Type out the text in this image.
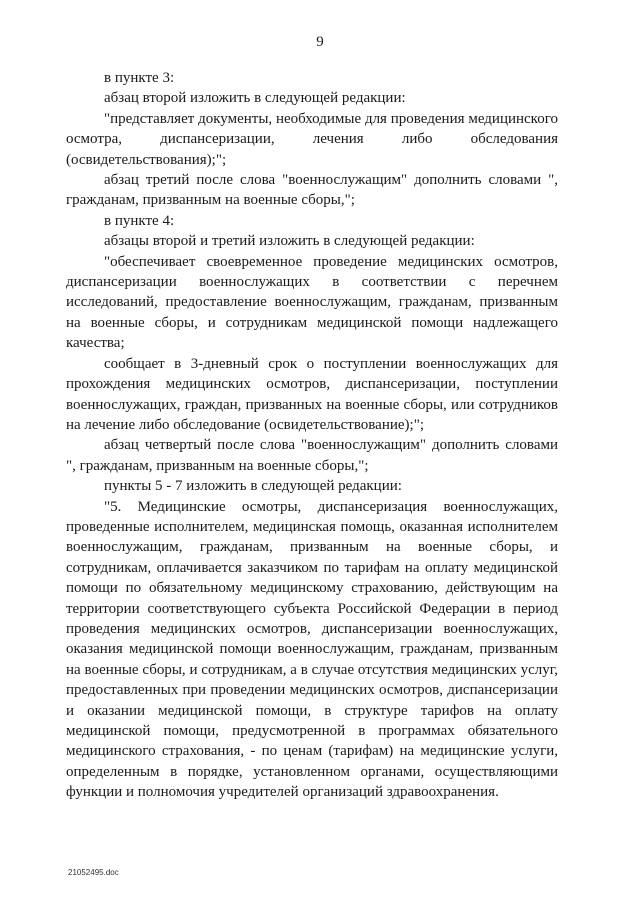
9

в пункте 3:

абзац второй изложить в следующей редакции:

"представляет документы, необходимые для проведения медицинского осмотра, диспансеризации, лечения либо обследования (освидетельствования);";

абзац третий после слова "военнослужащим" дополнить словами ", гражданам, призванным на военные сборы,";

в пункте 4:

абзацы второй и третий изложить в следующей редакции:

"обеспечивает своевременное проведение медицинских осмотров, диспансеризации военнослужащих в соответствии с перечнем исследований, предоставление военнослужащим, гражданам, призванным на военные сборы, и сотрудникам медицинской помощи надлежащего качества;

сообщает в 3-дневный срок о поступлении военнослужащих для прохождения медицинских осмотров, диспансеризации, поступлении военнослужащих, граждан, призванных на военные сборы, или сотрудников на лечение либо обследование (освидетельствование);";

абзац четвертый после слова "военнослужащим" дополнить словами ", гражданам, призванным на военные сборы,";

пункты 5 - 7 изложить в следующей редакции:

"5. Медицинские осмотры, диспансеризация военнослужащих, проведенные исполнителем, медицинская помощь, оказанная исполнителем военнослужащим, гражданам, призванным на военные сборы, и сотрудникам, оплачивается заказчиком по тарифам на оплату медицинской помощи по обязательному медицинскому страхованию, действующим на территории соответствующего субъекта Российской Федерации в период проведения медицинских осмотров, диспансеризации военнослужащих, оказания медицинской помощи военнослужащим, гражданам, призванным на военные сборы, и сотрудникам, а в случае отсутствия медицинских услуг, предоставленных при проведении медицинских осмотров, диспансеризации и оказании медицинской помощи, в структуре тарифов на оплату медицинской помощи, предусмотренной в программах обязательного медицинского страхования, - по ценам (тарифам) на медицинские услуги, определенным в порядке, установленном органами, осуществляющими функции и полномочия учредителей организаций здравоохранения.

21052495.doc
